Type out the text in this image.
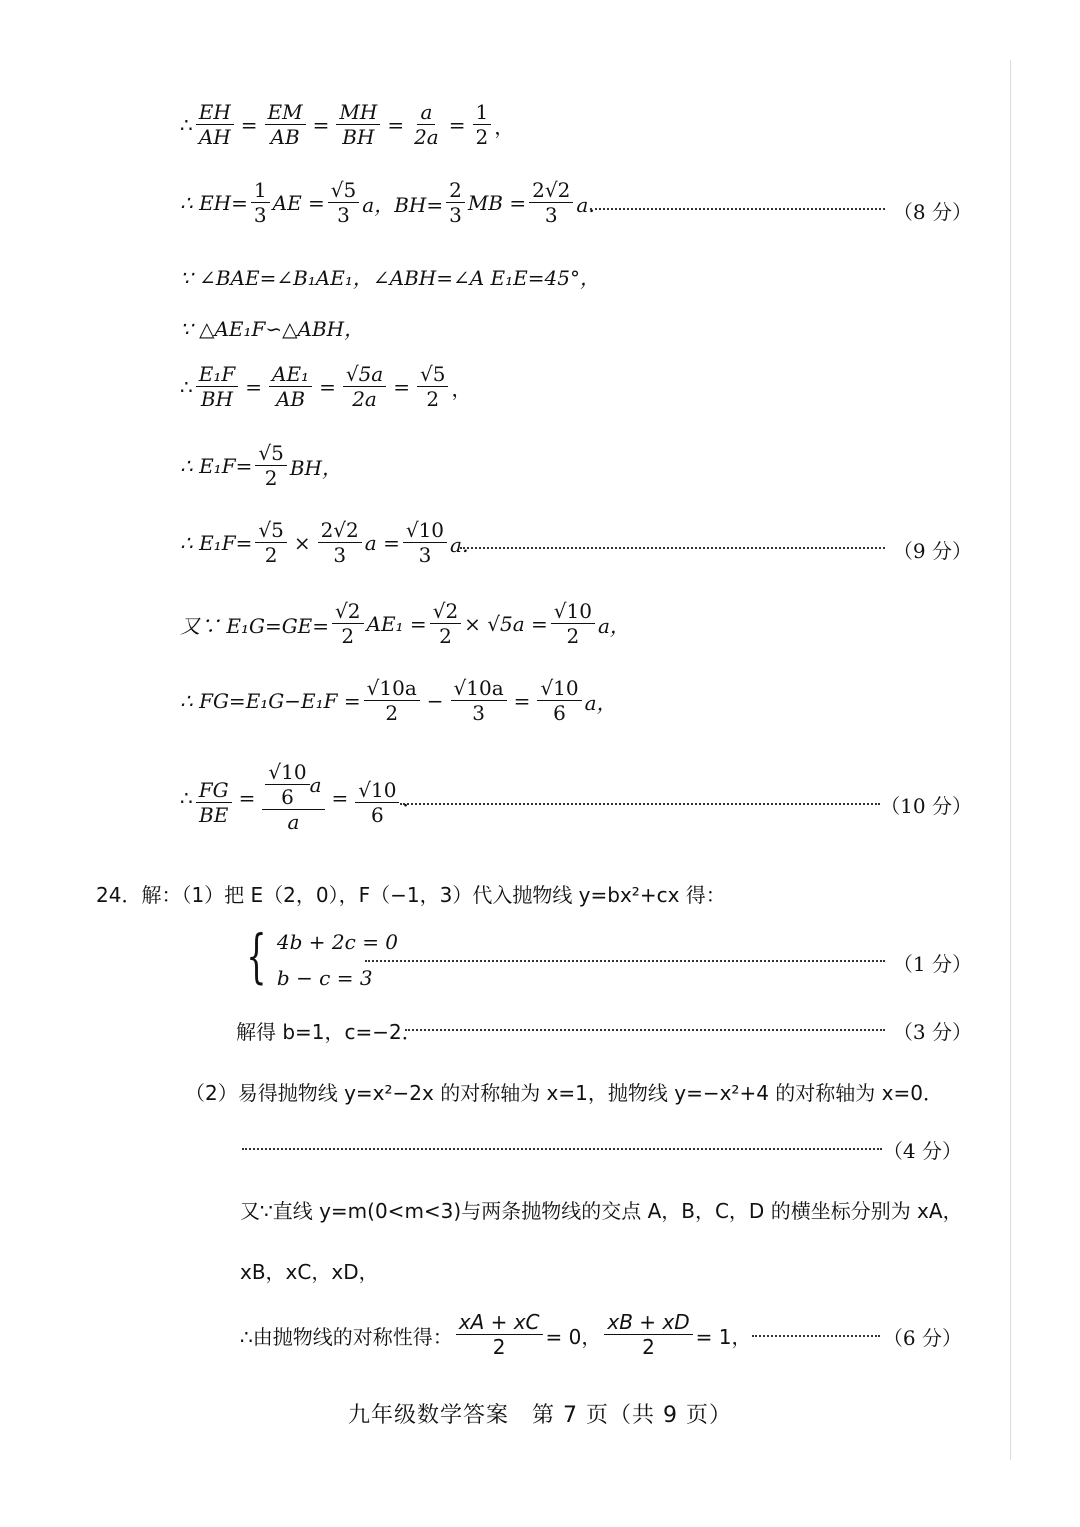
∴ $\frac{EH}{AH} = \frac{EM}{AB} = \frac{MH}{BH} = \frac{a}{2a} = \frac{1}{2}$ ，
∴ $EH= \frac{1}{3}$ AE = $\frac{√5}{3}$ a，$BH= \frac{2}{3}$ MB = $\frac{2√2}{3}$ a．	（8 分）
∵ ∠BAE=∠B₁AE₁，∠ABH=∠A E₁E=45°，
∵ △AE₁F∽△ABH，
∴ $\frac{\text{E₁F}}{BH} = \frac{\text{AE₁}}{AB} = \frac{√5a}{2a} = \frac{√5}{2}$ ，
∴ $E_1F= \frac{√5}{2}$ BH，
∴ $E_1F= \frac{√5}{2} \times \frac{2√2}{3}$ $a = \frac{√10}{3}$ a．	（9 分）
又∵ $E_1G=GE= \frac{√2}{2} AE_1 = \frac{√2}{2} \times √5a = \frac{√10}{2}$ a，
∴ $FG=E_1G-E_1F = \frac{√10a}{2} - \frac{√10a}{3} = \frac{√10}{6}$ a，
∴ $\frac{FG}{BE} = \frac{\frac{√10}{6} a}{a} = \frac{√10}{6}$ ．	（10 分）
24．解：（1）把 E（2，0），F（−1，3）代入抛物线 y=bx²+cx 得：
{ 4b + 2c = 0
b − c = 3
（1 分）
解得 b=1，c=−2．	（3 分）
（2）易得抛物线 y=x²−2x 的对称轴为 x=1，抛物线 y=−x²+4 的对称轴为 x=0．
（4 分）
又∵直线 y=m(0<m<3)与两条抛物线的交点 A，B，C，D 的横坐标分别为 xA，
xB，xC，xD，
∴由抛物线的对称性得： $\frac{xA + xC}{2} = 0$， $\frac{xB + xD}{2} = 1$，	（6 分）
九年级数学答案　第 7 页（共 9 页）
